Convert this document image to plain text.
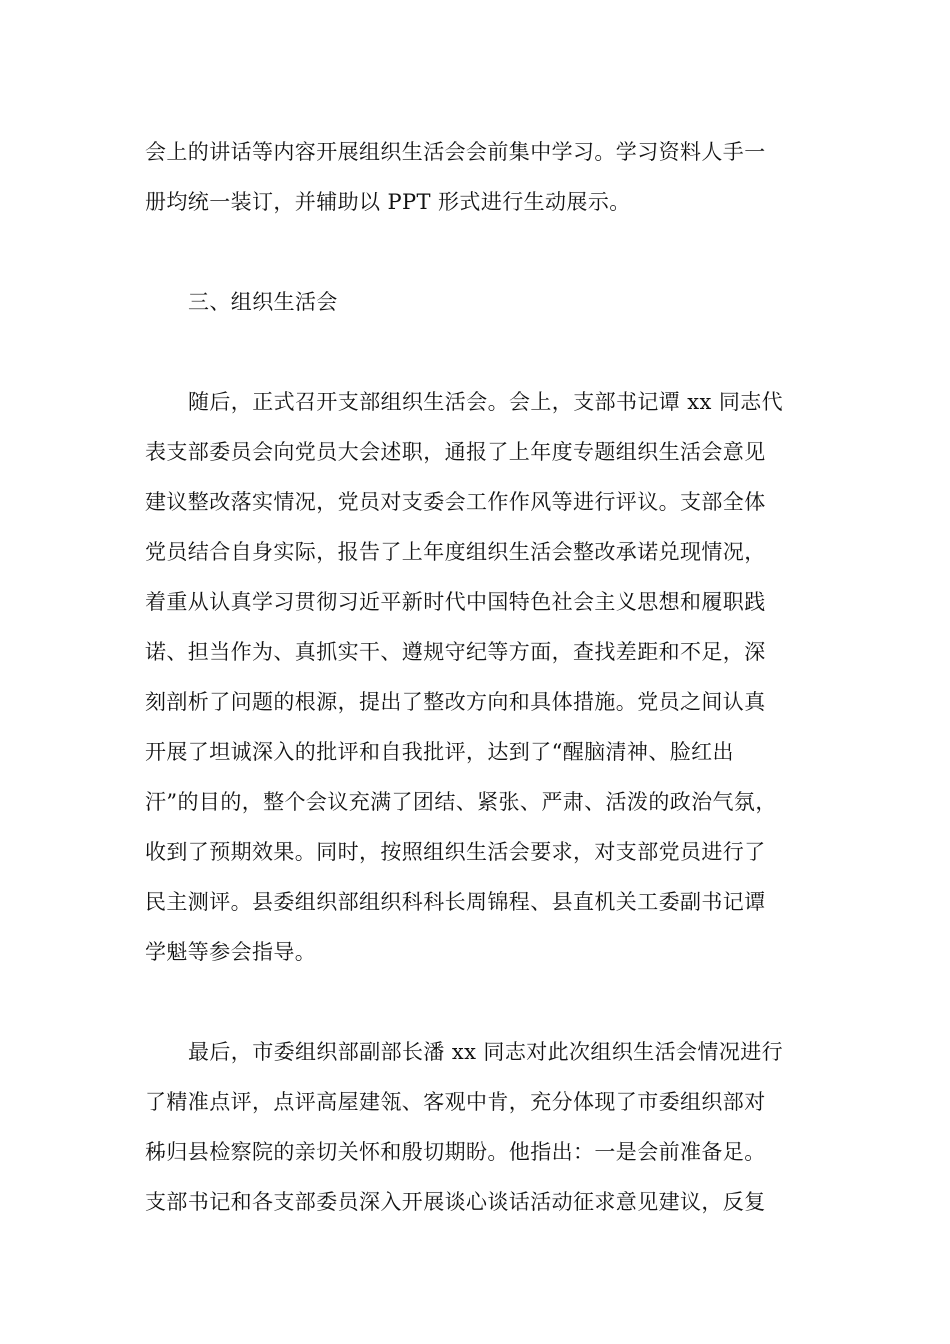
会上的讲话等内容开展组织生活会会前集中学习。学习资料人手一
册均统一装订，并辅助以 PPT 形式进行生动展示。
三、组织生活会
随后，正式召开支部组织生活会。会上，支部书记谭 xx 同志代
表支部委员会向党员大会述职，通报了上年度专题组织生活会意见
建议整改落实情况，党员对支委会工作作风等进行评议。支部全体
党员结合自身实际，报告了上年度组织生活会整改承诺兑现情况，
着重从认真学习贯彻习近平新时代中国特色社会主义思想和履职践
诺、担当作为、真抓实干、遵规守纪等方面，查找差距和不足，深
刻剖析了问题的根源，提出了整改方向和具体措施。党员之间认真
开展了坦诚深入的批评和自我批评，达到了“醒脑清神、脸红出
汗”的目的，整个会议充满了团结、紧张、严肃、活泼的政治气氛，
收到了预期效果。同时，按照组织生活会要求，对支部党员进行了
民主测评。县委组织部组织科科长周锦程、县直机关工委副书记谭
学魁等参会指导。
最后，市委组织部副部长潘 xx 同志对此次组织生活会情况进行
了精准点评，点评高屋建瓴、客观中肯，充分体现了市委组织部对
秭归县检察院的亲切关怀和殷切期盼。他指出：一是会前准备足。
支部书记和各支部委员深入开展谈心谈话活动征求意见建议，反复
